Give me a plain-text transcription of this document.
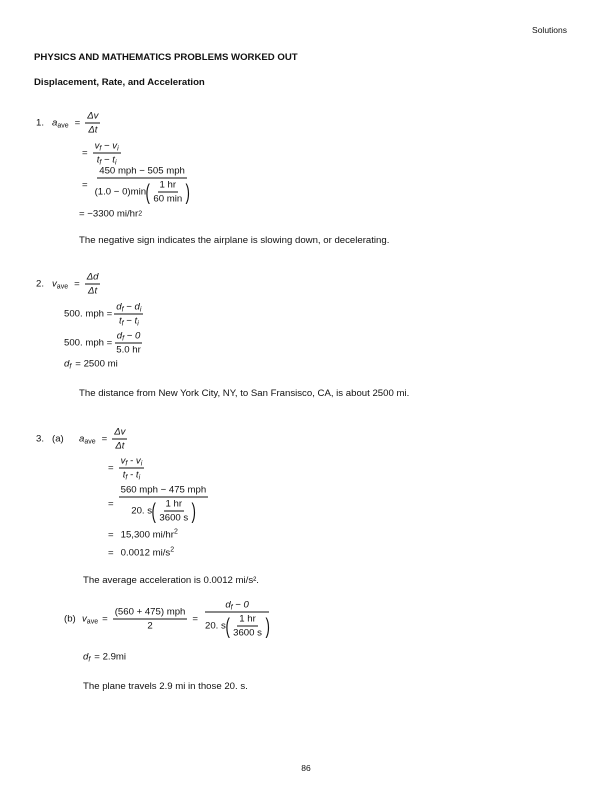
Solutions
PHYSICS AND MATHEMATICS PROBLEMS WORKED OUT
Displacement, Rate, and Acceleration
1. $a_{ave} = \frac{\Delta v}{\Delta t}$
= $\frac{v_f - v_i}{t_f - t_i}$
= $\frac{\text{450 mph − 505 mph}}{(1.0 - 0)\min ( \frac{1 hr}{60 \min} )}$
= −3300 mi/hr 2
The negative sign indicates the airplane is slowing down, or decelerating.
2. $v_{ave} = \frac{\Delta d}{\Delta t}$
500. mph = $\frac{d_f - d_i}{t_f - t_i}$
500. mph = $\frac{d_f - 0}{5.0 hr}$
$d_f = 2500$ mi
The distance from New York City, NY, to San Fransisco, CA, is about 2500 mi.
3. (a)	$a_{ave} = \frac{\Delta v}{\Delta t}$
= $\frac{v_f - v_i}{t_f - t_i}$
= $\frac{\text{560 mph − 475 mph}}{20. s ( \frac{1 hr}{3600 s} )}$
= 15,300 $mi/hr^2$
= 0.0012 $mi/s^2$
The average acceleration is 0.0012 mi/s².
(b) $v_{ave} = \frac{\text{(560 + 475) mph}}{2} = \frac{d_f - 0}{20. s ( \frac{1 hr}{3600 s} )}$
$d_f = 2.9mi$
The plane travels 2.9 mi in those 20. s.
86
